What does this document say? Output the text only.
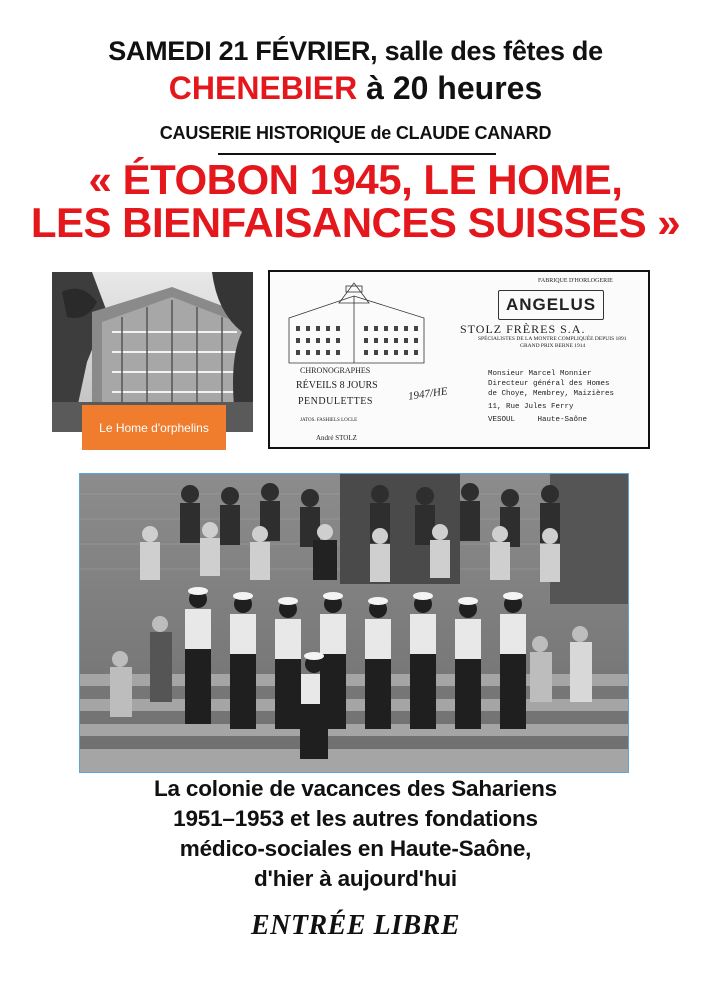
SAMEDI 21 FÉVRIER, salle des fêtes de
CHENEBIER à 20 heures
CAUSERIE HISTORIQUE de CLAUDE CANARD
« ÉTOBON 1945, LE HOME,
LES BIENFAISANCES SUISSES »
Le Home d'orphelins
FABRIQUE D'HORLOGERIE
ANGELUS
STOLZ FRÈRES S.A.
SPÉCIALISTES DE LA MONTRE COMPLIQUÉE DEPUIS 1891
GRAND PRIX BERNE 1914
CHRONOGRAPHES
RÉVEILS 8 JOURS
PENDULETTES
JATOS. FASHIELS LOCLE
1947/HE
Monsieur Marcel Monnier
Directeur général des Homes
de Choye, Membrey, Maizières
11, Rue Jules Ferry
VESOUL     Haute-Saône
André STOLZ
La colonie de vacances des Sahariens
1951–1953 et les autres fondations
médico-sociales en Haute-Saône,
d'hier à aujourd'hui
ENTRÉE LIBRE
